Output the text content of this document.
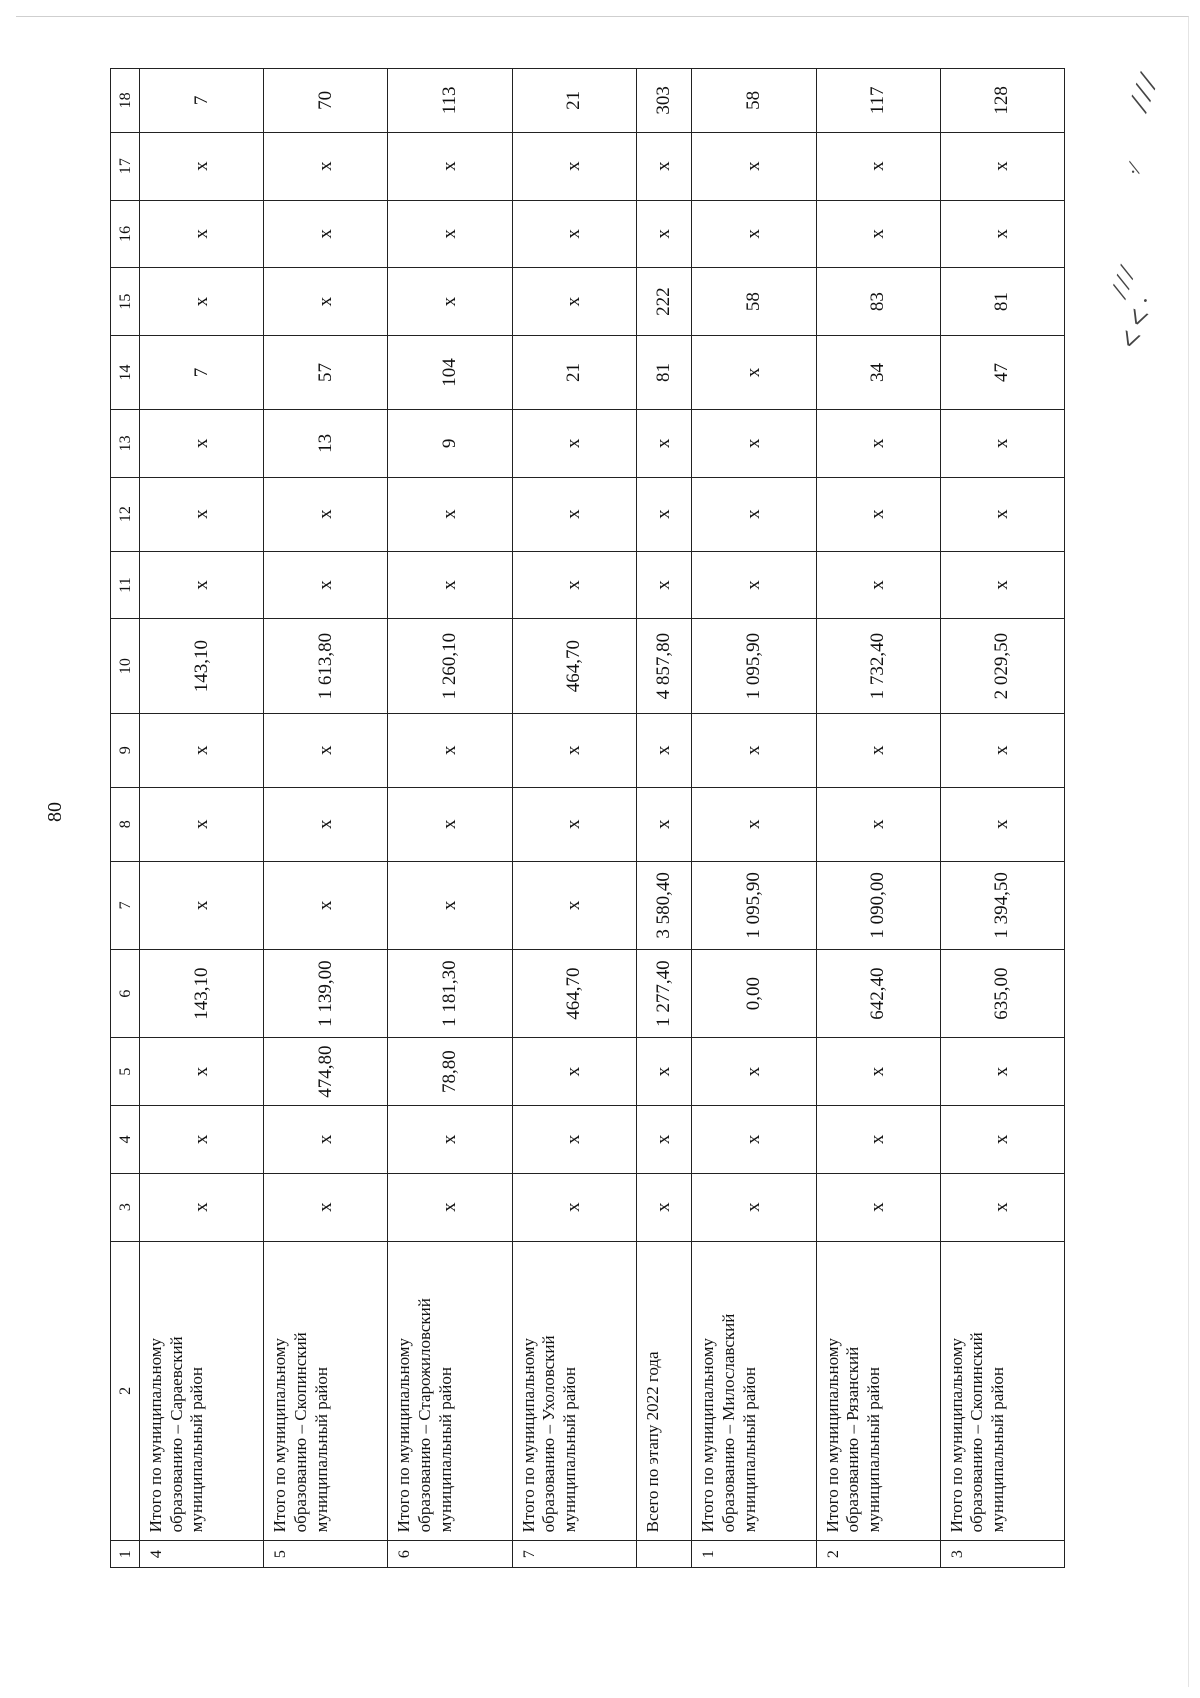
80
1	2	3	4	5	6	7	8	9	10	11	12	13	14	15	16	17	18
4	Итого по муниципальному образованию – Сараевский муниципальный район	x	x	x	143,10	x	x	x	143,10	x	x	x	7	x	x	x	7
5	Итого по муниципальному образованию – Скопинский муниципальный район	x	x	474,80	1 139,00	x	x	x	1 613,80	x	x	13	57	x	x	x	70
6	Итого по муниципальному образованию – Старожиловский муниципальный район	x	x	78,80	1 181,30	x	x	x	1 260,10	x	x	9	104	x	x	x	113
7	Итого по муниципальному образованию – Ухоловский муниципальный район	x	x	x	464,70	x	x	x	464,70	x	x	x	21	x	x	x	21
	Всего по этапу 2022 года	x	x	x	1 277,40	3 580,40	x	x	4 857,80	x	x	x	81	222	x	x	303
1	Итого по муниципальному образованию – Милославский муниципальный район	x	x	x	0,00	1 095,90	x	x	1 095,90	x	x	x	x	58	x	x	58
2	Итого по муниципальному образованию – Рязанский муниципальный район	x	x	x	642,40	1 090,00	x	x	1 732,40	x	x	x	34	83	x	x	117
3	Итого по муниципальному образованию – Скопинский муниципальный район	x	x	x	635,00	1 394,50	x	x	2 029,50	x	x	x	47	81	x	x	128	⁄ ⁄ ⁄
·⁄
⁄ ⁄ ⁄
ᐸ ᐸ ·
